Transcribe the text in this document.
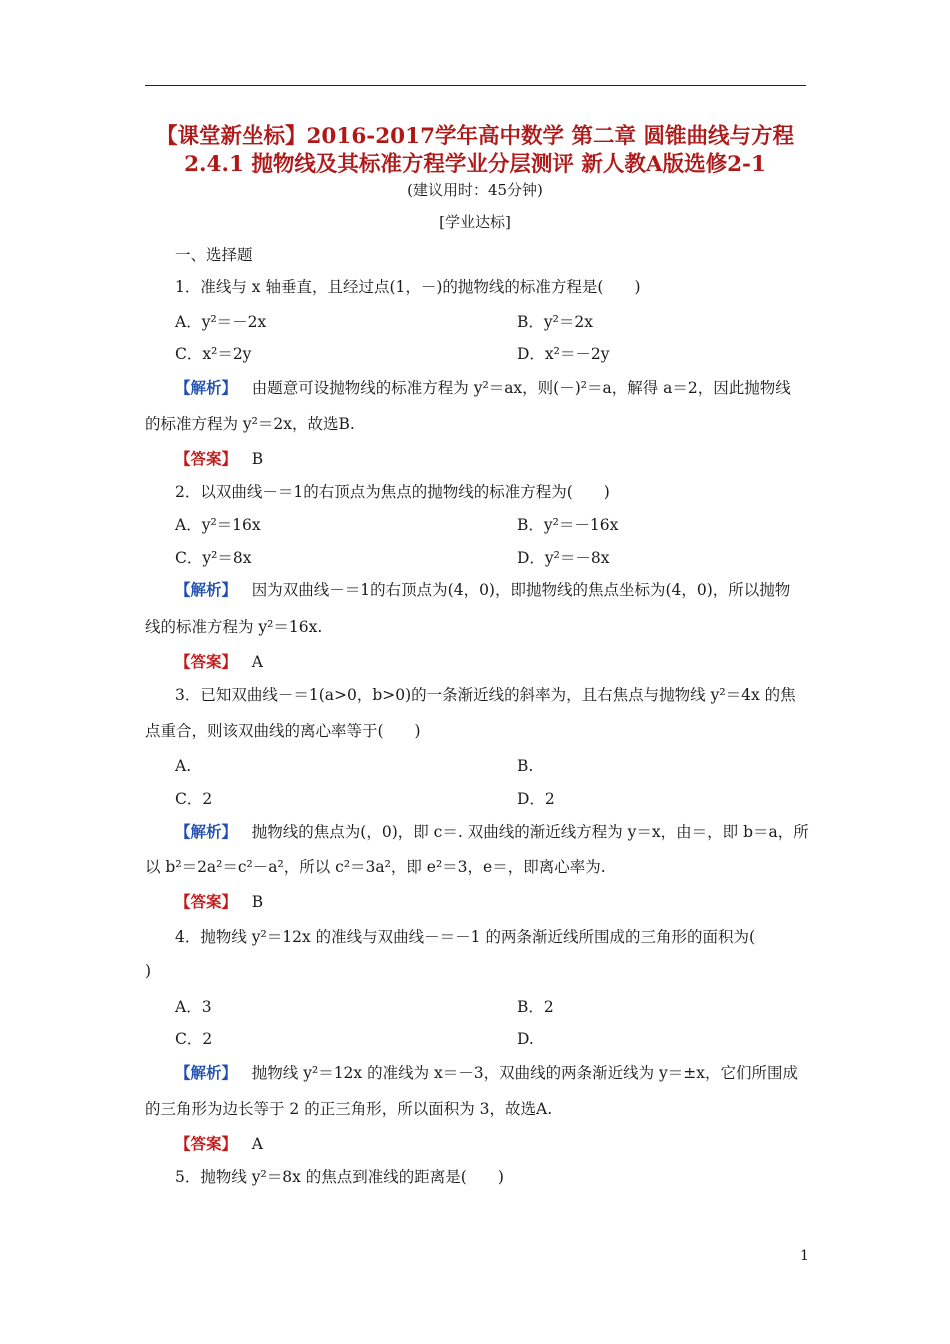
【课堂新坐标】2016-2017学年高中数学 第二章 圆锥曲线与方程
2.4.1 抛物线及其标准方程学业分层测评 新人教A版选修2-1
(建议用时：45分钟)
[学业达标]
一、选择题
1．准线与 x 轴垂直，且经过点(1，－)的抛物线的标准方程是(　　)
A．y²＝－2x	B．y²＝2x
C．x²＝2y	D．x²＝－2y
【解析】 由题意可设抛物线的标准方程为 y²＝ax，则(－)²＝a，解得 a＝2，因此抛物线
的标准方程为 y²＝2x，故选B.
【答案】 B
2．以双曲线－＝1的右顶点为焦点的抛物线的标准方程为(　　)
A．y²＝16x	B．y²＝－16x
C．y²＝8x	D．y²＝－8x
【解析】 因为双曲线－＝1的右顶点为(4，0)，即抛物线的焦点坐标为(4，0)，所以抛物
线的标准方程为 y²＝16x.
【答案】 A
3．已知双曲线－＝1(a>0，b>0)的一条渐近线的斜率为，且右焦点与抛物线 y²＝4x 的焦
点重合，则该双曲线的离心率等于(　　)
A.	B.
C．2	D．2
【解析】 抛物线的焦点为(，0)，即 c＝. 双曲线的渐近线方程为 y＝x，由＝，即 b＝a，所
以 b²＝2a²＝c²－a²，所以 c²＝3a²，即 e²＝3，e＝，即离心率为.
【答案】 B
4．抛物线 y²＝12x 的准线与双曲线－＝－1 的两条渐近线所围成的三角形的面积为(
)
A．3	B．2
C．2	D.
【解析】 抛物线 y²＝12x 的准线为 x＝－3，双曲线的两条渐近线为 y＝±x，它们所围成
的三角形为边长等于 2 的正三角形，所以面积为 3，故选A.
【答案】 A
5．抛物线 y²＝8x 的焦点到准线的距离是(　　)
1
